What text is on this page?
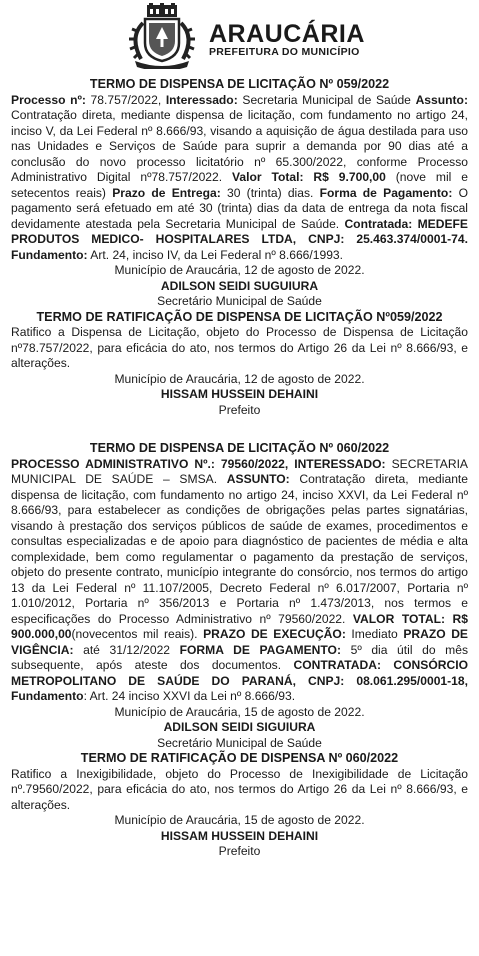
ARAUCÁRIA
PREFEITURA DO MUNICÍPIO
TERMO DE DISPENSA DE LICITAÇÃO Nº 059/2022

Processo nº: 78.757/2022, Interessado: Secretaria Municipal de Saúde Assunto: Contratação direta, mediante dispensa de licitação, com fundamento no artigo 24, inciso V, da Lei Federal nº 8.666/93, visando a aquisição de água destilada para uso nas Unidades e Serviços de Saúde para suprir a demanda por 90 dias até a conclusão do novo processo licitatório nº 65.300/2022, conforme Processo Administrativo Digital nº78.757/2022. Valor Total: R$ 9.700,00 (nove mil e setecentos reais) Prazo de Entrega: 30 (trinta) dias. Forma de Pagamento: O pagamento será efetuado em até 30 (trinta) dias da data de entrega da nota fiscal devidamente atestada pela Secretaria Municipal de Saúde. Contratada: MEDEFE PRODUTOS MEDICO- HOSPITALARES LTDA, CNPJ: 25.463.374/0001-74. Fundamento: Art. 24, inciso IV, da Lei Federal nº 8.666/1993.

Município de Araucária, 12 de agosto de 2022.
ADILSON SEIDI SUGUIURA
Secretário Municipal de Saúde
TERMO DE RATIFICAÇÃO DE DISPENSA DE LICITAÇÃO Nº059/2022

Ratifico a Dispensa de Licitação, objeto do Processo de Dispensa de Licitação nº78.757/2022, para eficácia do ato, nos termos do Artigo 26 da Lei nº 8.666/93, e alterações.

Município de Araucária, 12 de agosto de 2022.
HISSAM HUSSEIN DEHAINI
Prefeito
TERMO DE DISPENSA DE LICITAÇÃO Nº 060/2022

PROCESSO ADMINISTRATIVO Nº.: 79560/2022, INTERESSADO: SECRETARIA MUNICIPAL DE SAÚDE – SMSA. ASSUNTO: Contratação direta, mediante dispensa de licitação, com fundamento no artigo 24, inciso XXVI, da Lei Federal nº 8.666/93, para estabelecer as condições de obrigações pelas partes signatárias, visando à prestação dos serviços públicos de saúde de exames, procedimentos e consultas especializadas e de apoio para diagnóstico de pacientes de média e alta complexidade, bem como regulamentar o pagamento da prestação de serviços, objeto do presente contrato, município integrante do consórcio, nos termos do artigo 13 da Lei Federal nº 11.107/2005, Decreto Federal nº 6.017/2007, Portaria nº 1.010/2012, Portaria nº 356/2013 e Portaria nº 1.473/2013, nos termos e especificações do Processo Administrativo nº 79560/2022. VALOR TOTAL: R$ 900.000,00(novecentos mil reais). PRAZO DE EXECUÇÃO: Imediato PRAZO DE VIGÊNCIA: até 31/12/2022 FORMA DE PAGAMENTO: 5º dia útil do mês subsequente, após ateste dos documentos. CONTRATADA: CONSÓRCIO METROPOLITANO DE SAÚDE DO PARANÁ, CNPJ: 08.061.295/0001-18, Fundamento: Art. 24 inciso XXVI da Lei nº 8.666/93.

Município de Araucária, 15 de agosto de 2022.
ADILSON SEIDI SIGUIURA
Secretário Municipal de Saúde
TERMO DE RATIFICAÇÃO DE DISPENSA Nº 060/2022

Ratifico a Inexigibilidade, objeto do Processo de Inexigibilidade de Licitação nº.79560/2022, para eficácia do ato, nos termos do Artigo 26 da Lei nº 8.666/93, e alterações.

Município de Araucária, 15 de agosto de 2022.
HISSAM HUSSEIN DEHAINI
Prefeito
